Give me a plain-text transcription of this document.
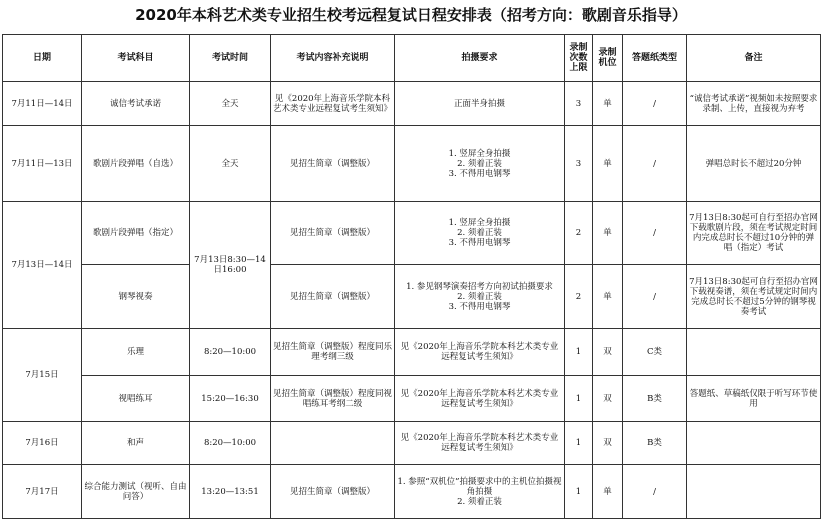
2020年本科艺术类专业招生校考远程复试日程安排表（招考方向：歌剧音乐指导）
日期	考试科目	考试时间	考试内容补充说明	拍摄要求	录制次数上限	录制机位	答题纸类型	备注
7月11日—14日	诚信考试承诺	全天	见《2020年上海音乐学院本科艺术类专业远程复试考生须知》	正面半身拍摄	3	单	/	“诚信考试承诺”视频如未按照要求录制、上传，直接视为弃考
7月11日—13日	歌剧片段弹唱（自选）	全天	见招生简章（调整版）	1. 竖屏全身拍摄
2. 须着正装
3. 不得用电钢琴	3	单	/	弹唱总时长不超过20分钟
7月13日—14日	歌剧片段弹唱（指定）	7月13日8:30—14日16:00	见招生简章（调整版）	1. 竖屏全身拍摄
2. 须着正装
3. 不得用电钢琴	2	单	/	7月13日8:30起可自行至招办官网下载歌剧片段，须在考试规定时间内完成总时长不超过10分钟的弹唱（指定）考试
	钢琴视奏		见招生简章（调整版）	1. 参见钢琴演奏招考方向初试拍摄要求
2. 须着正装
3. 不得用电钢琴	2	单	/	7月13日8:30起可自行至招办官网下载视奏谱，须在考试规定时间内完成总时长不超过5分钟的钢琴视奏考试
7月15日	乐理	8:20—10:00	见招生简章（调整版）程度同乐理考纲三级	见《2020年上海音乐学院本科艺术类专业远程复试考生须知》	1	双	C类	
	视唱练耳	15:20—16:30	见招生简章（调整版）程度同视唱练耳考纲二级	见《2020年上海音乐学院本科艺术类专业远程复试考生须知》	1	双	B类	答题纸、草稿纸仅限于听写环节使用
7月16日	和声	8:20—10:00		见《2020年上海音乐学院本科艺术类专业远程复试考生须知》	1	双	B类	
7月17日	综合能力测试（视听、自由问答）	13:20—13:51	见招生简章（调整版）	1. 参照“双机位”拍摄要求中的主机位拍摄视角拍摄
2. 须着正装	1	单	/	
